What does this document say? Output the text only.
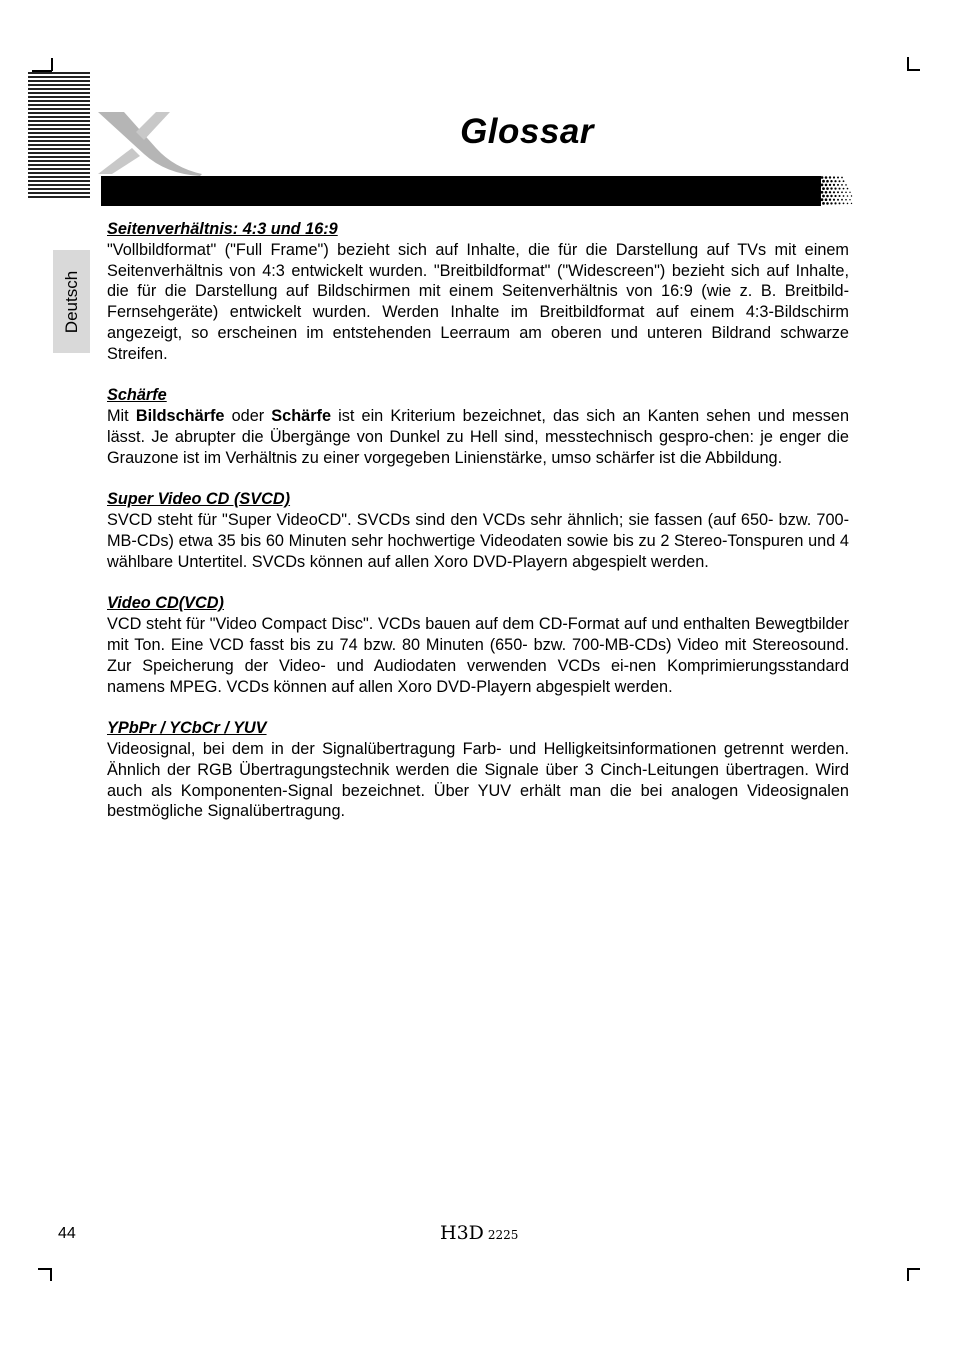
Glossar
Deutsch
Seitenverhältnis: 4:3 und 16:9

"Vollbildformat" ("Full Frame") bezieht sich auf Inhalte, die für die Darstellung auf TVs mit einem Seitenverhältnis von 4:3 entwickelt wurden. "Breitbildformat" ("Widescreen") bezieht sich auf Inhalte, die für die Darstellung auf Bildschirmen mit einem Seitenverhältnis von 16:9 (wie z. B. Breitbild-Fernsehgeräte) entwickelt wurden. Werden Inhalte im Breitbildformat auf einem 4:3-Bildschirm angezeigt, so erscheinen im entstehenden Leerraum am oberen und unteren Bildrand schwarze Streifen.

Schärfe

Mit Bildschärfe oder Schärfe ist ein Kriterium bezeichnet, das sich an Kanten sehen und messen lässt. Je abrupter die Übergänge von Dunkel zu Hell sind, messtechnisch gespro-chen: je enger die Grauzone ist im Verhältnis zu einer vorgegeben Linienstärke, umso schärfer ist die Abbildung.

Super Video CD (SVCD)

SVCD steht für "Super VideoCD". SVCDs sind den VCDs sehr ähnlich; sie fassen (auf 650- bzw. 700-MB-CDs) etwa 35 bis 60 Minuten sehr hochwertige Videodaten sowie bis zu 2 Stereo-Tonspuren und 4 wählbare Untertitel. SVCDs können auf allen Xoro DVD-Playern abgespielt werden.

Video CD(VCD)

VCD steht für "Video Compact Disc". VCDs bauen auf dem CD-Format auf und enthalten Bewegtbilder mit Ton. Eine VCD fasst bis zu 74 bzw. 80 Minuten (650- bzw. 700-MB-CDs) Video mit Stereosound. Zur Speicherung der Video- und Audiodaten verwenden VCDs ei-nen Komprimierungsstandard namens MPEG. VCDs können auf allen Xoro DVD-Playern abgespielt werden.

YPbPr / YCbCr / YUV

Videosignal, bei dem in der Signalübertragung Farb- und Helligkeitsinformationen getrennt werden. Ähnlich der RGB Übertragungstechnik werden die Signale über 3 Cinch-Leitungen übertragen. Wird auch als Komponenten-Signal bezeichnet. Über YUV erhält man die bei analogen Videosignalen bestmögliche Signalübertragung.

44	H3D 2225
